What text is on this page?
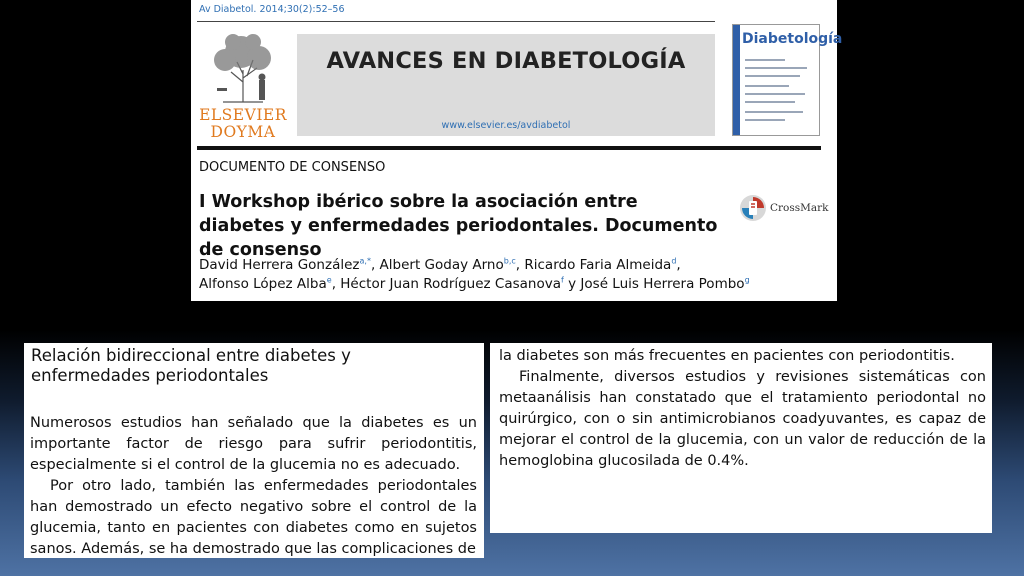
Av Diabetol. 2014;30(2):52–56
ELSEVIER
DOYMA
AVANCES EN DIABETOLOGÍA
www.elsevier.es/avdiabetol
Diabetología
DOCUMENTO DE CONSENSO
I Workshop ibérico sobre la asociación entre diabetes y enfermedades periodontales. Documento de consenso
CrossMark
David Herrera González$^{a,*}$, Albert Goday Arno$^{b,c}$, Ricardo Faria Almeida$^d$,
Alfonso López Alba$^e$, Héctor Juan Rodríguez Casanova$^f$ y José Luis Herrera Pombo$^g$
Relación bidireccional entre diabetes y enfermedades periodontales

Numerosos estudios han señalado que la diabetes es un importante factor de riesgo para sufrir periodontitis, especialmente si el control de la glucemia no es adecuado.

Por otro lado, también las enfermedades periodontales han demostrado un efecto negativo sobre el control de la glucemia, tanto en pacientes con diabetes como en sujetos sanos. Además, se ha demostrado que las complicaciones de

la diabetes son más frecuentes en pacientes con periodontitis.

Finalmente, diversos estudios y revisiones sistemáticas con metaanálisis han constatado que el tratamiento periodontal no quirúrgico, con o sin antimicrobianos coadyuvantes, es capaz de mejorar el control de la glucemia, con un valor de reducción de la hemoglobina glucosilada de 0.4%.
